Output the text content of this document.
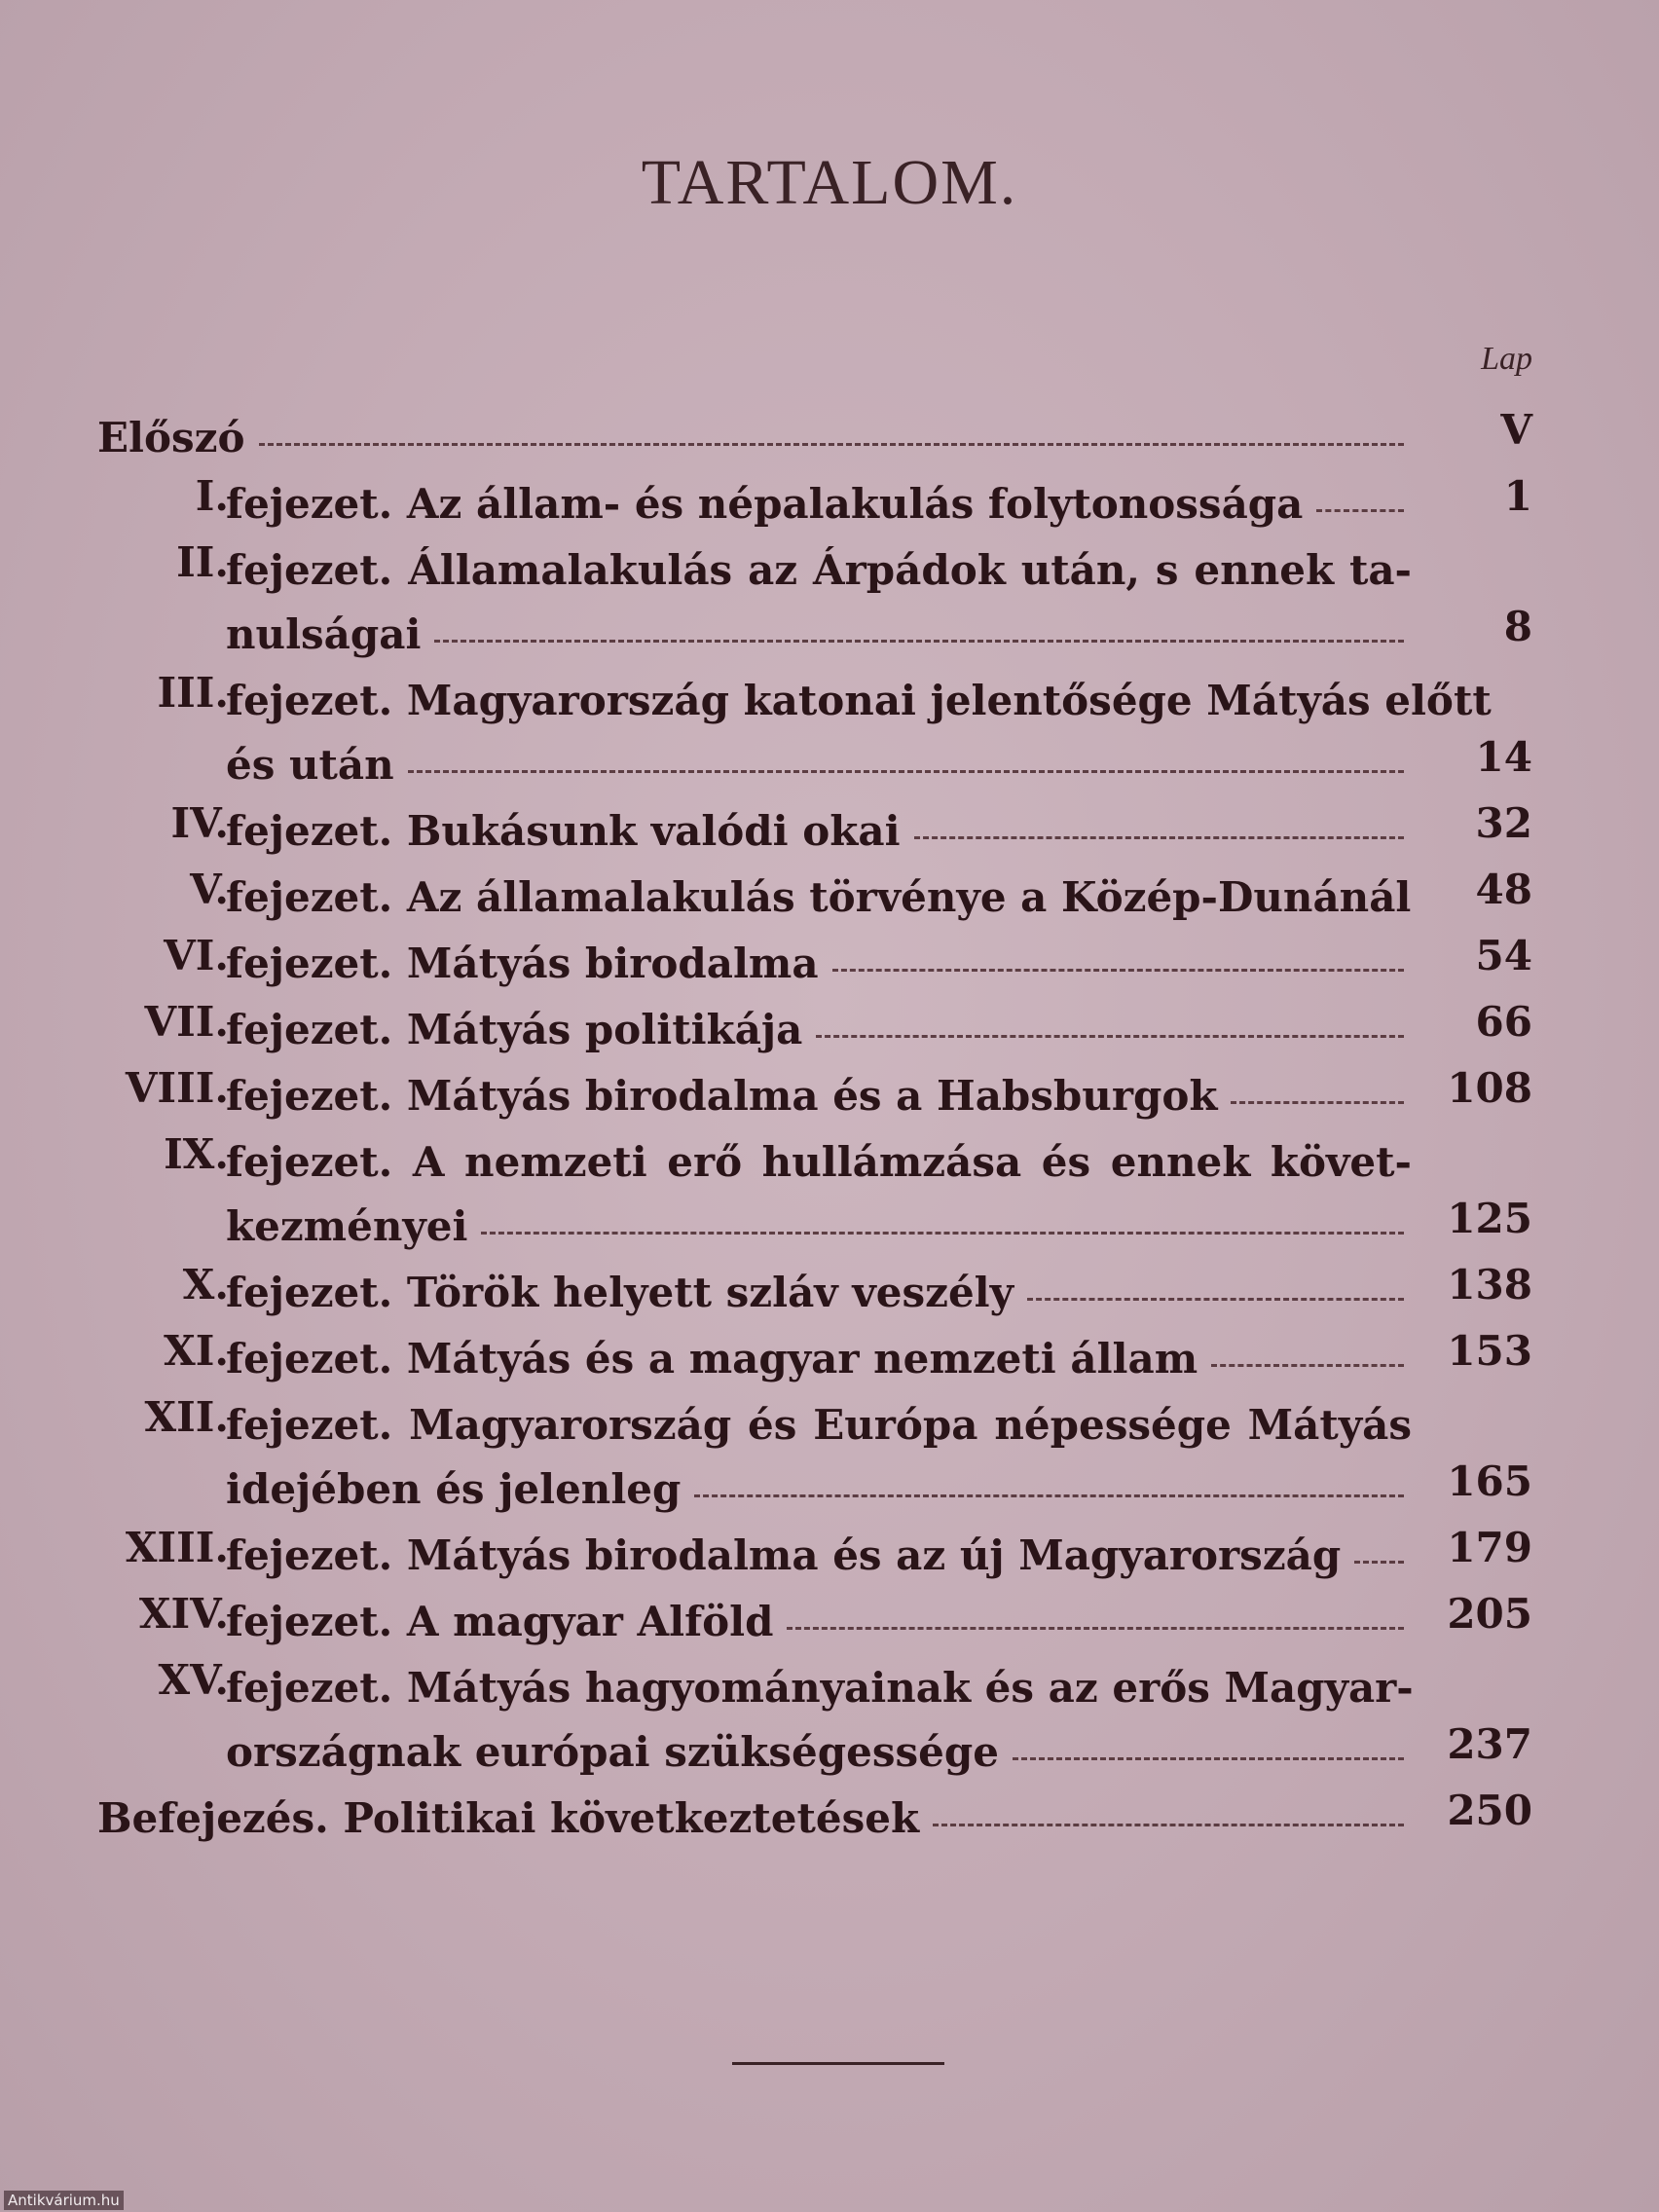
TARTALOM.
Lap
Előszó	V
I.
fejezet. Az állam- és népalakulás folytonossága	1
II.
fejezet. Államalakulás az Árpádok után, s ennek ta-
nulságai	8
III.
fejezet. Magyarország katonai jelentősége Mátyás előtt
és után	14
IV.
fejezet. Bukásunk valódi okai	32
V.
fejezet. Az államalakulás törvénye a Közép-Dunánál	48
VI.
fejezet. Mátyás birodalma	54
VII.
fejezet. Mátyás politikája	66
VIII.
fejezet. Mátyás birodalma és a Habsburgok	108
IX.
fejezet. A nemzeti erő hullámzása és ennek követ-
kezményei	125
X.
fejezet. Török helyett szláv veszély	138
XI.
fejezet. Mátyás és a magyar nemzeti állam	153
XII.
fejezet. Magyarország és Európa népessége Mátyás
idejében és jelenleg	165
XIII.
fejezet. Mátyás birodalma és az új Magyarország	179
XIV.
fejezet. A magyar Alföld	205
XV.
fejezet. Mátyás hagyományainak és az erős Magyar-
országnak európai szükségessége	237
Befejezés. Politikai következtetések	250
Antikvárium.hu
